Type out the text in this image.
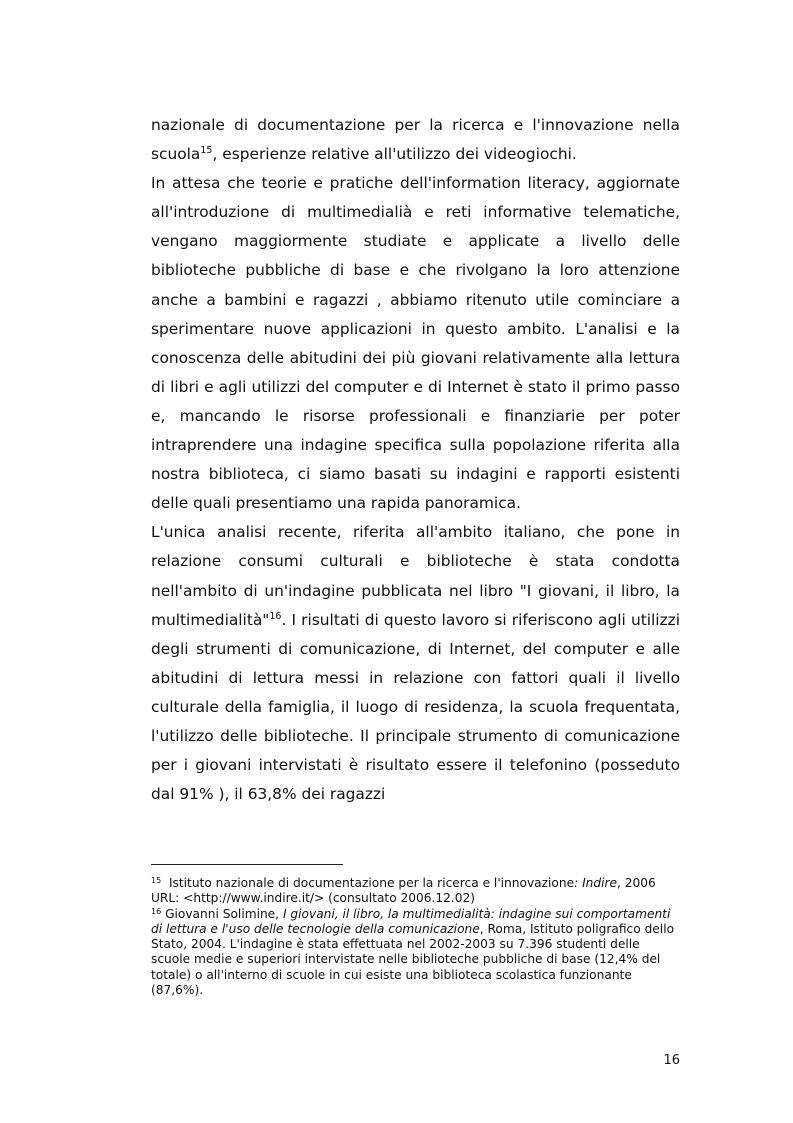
nazionale di documentazione per la ricerca e l'innovazione nella scuola$^{15}$, esperienze relative all'utilizzo dei videogiochi.

In attesa che teorie e pratiche dell'information literacy, aggiornate all'introduzione di multimedialià e reti informative telematiche, vengano maggiormente studiate e applicate a livello delle biblioteche pubbliche di base e che rivolgano la loro attenzione anche a bambini e ragazzi , abbiamo ritenuto utile cominciare a sperimentare nuove applicazioni in questo ambito. L'analisi e la conoscenza delle abitudini dei più giovani relativamente alla lettura di libri e agli utilizzi del computer e di Internet è stato il primo passo e, mancando le risorse professionali e finanziarie per poter intraprendere una indagine specifica sulla popolazione riferita alla nostra biblioteca, ci siamo basati su indagini e rapporti esistenti delle quali presentiamo una rapida panoramica.

L'unica analisi recente, riferita all'ambito italiano, che pone in relazione consumi culturali e biblioteche è stata condotta nell'ambito di un'indagine pubblicata nel libro "I giovani, il libro, la multimedialità"$^{16}$. I risultati di questo lavoro si riferiscono agli utilizzi degli strumenti di comunicazione, di Internet, del computer e alle abitudini di lettura messi in relazione con fattori quali il livello culturale della famiglia, il luogo di residenza, la scuola frequentata, l'utilizzo delle biblioteche. Il principale strumento di comunicazione per i giovani intervistati è risultato essere il telefonino (posseduto dal 91% ), il 63,8% dei ragazzi

$^{15}$ Istituto nazionale di documentazione per la ricerca e l'innovazione: Indire, 2006 URL: <http://www.indire.it/> (consultato 2006.12.02)

$^{16}$ Giovanni Solimine, I giovani, il libro, la multimedialità: indagine sui comportamenti di lettura e l'uso delle tecnologie della comunicazione, Roma, Istituto poligrafico dello Stato, 2004. L'indagine è stata effettuata nel 2002-2003 su 7.396 studenti delle scuole medie e superiori intervistate nelle biblioteche pubbliche di base (12,4% del totale) o all'interno di scuole in cui esiste una biblioteca scolastica funzionante (87,6%).

16
